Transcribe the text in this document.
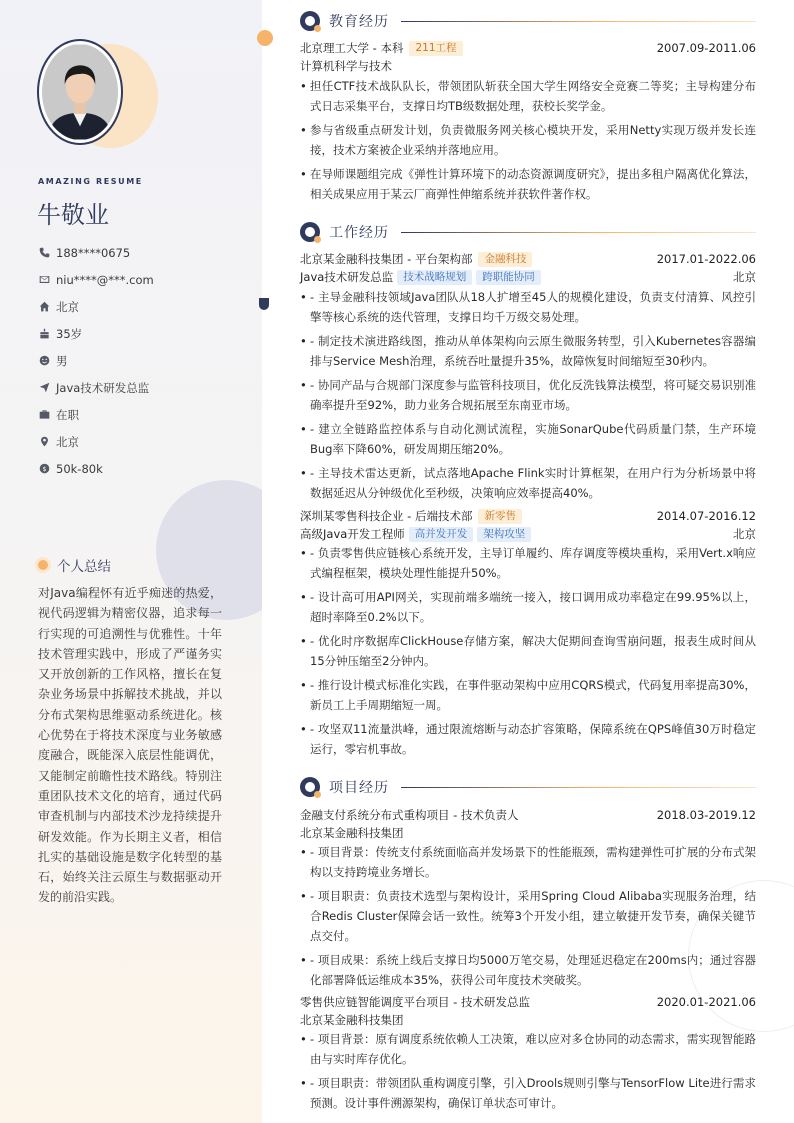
AMAZING RESUME
牛敬业
188****0675
niu****@***.com
北京
35岁
男
Java技术研发总监
在职
北京
$ 50k-80k
个人总结

对Java编程怀有近乎痴迷的热爱，视代码逻辑为精密仪器，追求每一行实现的可追溯性与优雅性。十年技术管理实践中，形成了严谨务实又开放创新的工作风格，擅长在复杂业务场景中拆解技术挑战，并以分布式架构思维驱动系统进化。核心优势在于将技术深度与业务敏感度融合，既能深入底层性能调优，又能制定前瞻性技术路线。特别注重团队技术文化的培育，通过代码审查机制与内部技术沙龙持续提升研发效能。作为长期主义者，相信扎实的基础设施是数字化转型的基石，始终关注云原生与数据驱动开发的前沿实践。

教育经历
北京理工大学 - 本科	211工程	2007.09-2011.06
计算机科学与技术
• 担任CTF技术战队队长，带领团队斩获全国大学生网络安全竞赛二等奖；主导构建分布式日志采集平台，支撑日均TB级数据处理，获校长奖学金。
• 参与省级重点研发计划，负责微服务网关核心模块开发，采用Netty实现万级并发长连接，技术方案被企业采纳并落地应用。
• 在导师课题组完成《弹性计算环境下的动态资源调度研究》，提出多租户隔离优化算法，相关成果应用于某云厂商弹性伸缩系统并获软件著作权。
工作经历
北京某金融科技集团 - 平台架构部	金融科技	2017.01-2022.06
Java技术研发总监 技术战略规划	跨职能协同	北京
• - 主导金融科技领域Java团队从18人扩增至45人的规模化建设，负责支付清算、风控引擎等核心系统的迭代管理，支撑日均千万级交易处理。
• - 制定技术演进路线图，推动从单体架构向云原生微服务转型，引入Kubernetes容器编排与Service Mesh治理，系统吞吐量提升35%，故障恢复时间缩短至30秒内。
• - 协同产品与合规部门深度参与监管科技项目，优化反洗钱算法模型，将可疑交易识别准确率提升至92%，助力业务合规拓展至东南亚市场。
• - 建立全链路监控体系与自动化测试流程，实施SonarQube代码质量门禁，生产环境Bug率下降60%，研发周期压缩20%。
• - 主导技术雷达更新，试点落地Apache Flink实时计算框架，在用户行为分析场景中将数据延迟从分钟级优化至秒级，决策响应效率提高40%。
深圳某零售科技企业 - 后端技术部	新零售	2014.07-2016.12
高级Java开发工程师 高并发开发	架构攻坚	北京
• - 负责零售供应链核心系统开发，主导订单履约、库存调度等模块重构，采用Vert.x响应式编程框架，模块处理性能提升50%。
• - 设计高可用API网关，实现前端多端统一接入，接口调用成功率稳定在99.95%以上，超时率降至0.2%以下。
• - 优化时序数据库ClickHouse存储方案，解决大促期间查询雪崩问题，报表生成时间从15分钟压缩至2分钟内。
• - 推行设计模式标准化实践，在事件驱动架构中应用CQRS模式，代码复用率提高30%，新员工上手周期缩短一周。
• - 攻坚双11流量洪峰，通过限流熔断与动态扩容策略，保障系统在QPS峰值30万时稳定运行，零宕机事故。
项目经历
金融支付系统分布式重构项目 - 技术负责人	2018.03-2019.12
北京某金融科技集团
• - 项目背景：传统支付系统面临高并发场景下的性能瓶颈，需构建弹性可扩展的分布式架构以支持跨境业务增长。
• - 项目职责：负责技术选型与架构设计，采用Spring Cloud Alibaba实现服务治理，结合Redis Cluster保障会话一致性。统筹3个开发小组，建立敏捷开发节奏，确保关键节点交付。
• - 项目成果：系统上线后支撑日均5000万笔交易，处理延迟稳定在200ms内；通过容器化部署降低运维成本35%，获得公司年度技术突破奖。
零售供应链智能调度平台项目 - 技术研发总监	2020.01-2021.06
北京某金融科技集团
• - 项目背景：原有调度系统依赖人工决策，难以应对多仓协同的动态需求，需实现智能路由与实时库存优化。
• - 项目职责：带领团队重构调度引擎，引入Drools规则引擎与TensorFlow Lite进行需求预测。设计事件溯源架构，确保订单状态可审计。
